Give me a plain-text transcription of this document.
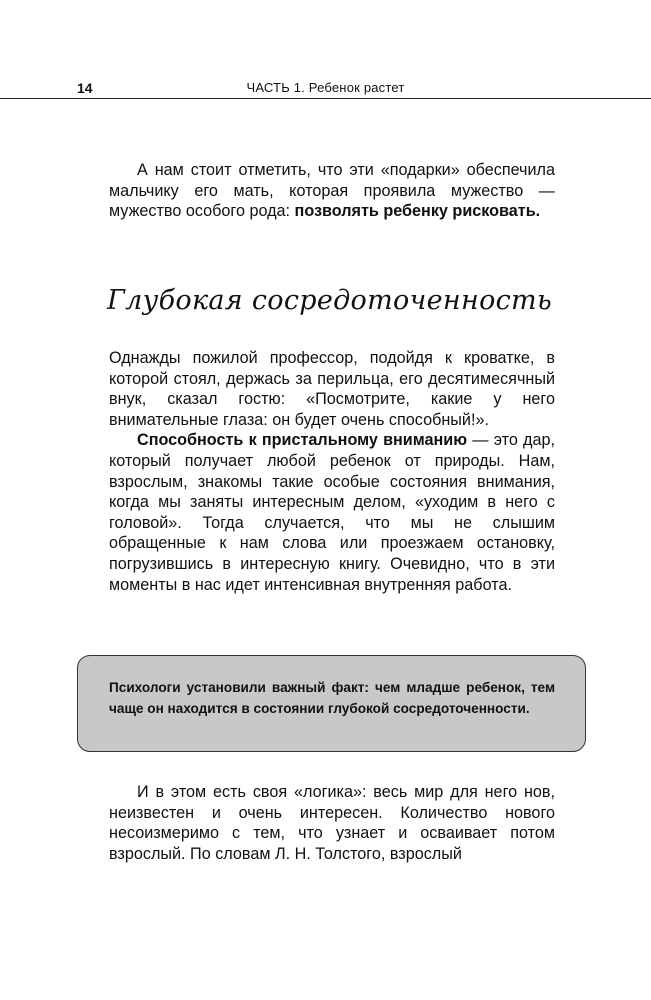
14	ЧАСТЬ 1. Ребенок растет

А нам стоит отметить, что эти «подарки» обеспечила мальчику его мать, которая проявила мужество — мужество особого рода: позволять ребенку рисковать.

Глубокая сосредоточенность

Однажды пожилой профессор, подойдя к кроватке, в которой стоял, держась за перильца, его десятимесячный внук, сказал гостю: «Посмотрите, какие у него внимательные глаза: он будет очень способный!».

Способность к пристальному вниманию — это дар, который получает любой ребенок от природы. Нам, взрослым, знакомы такие особые состояния внимания, когда мы заняты интересным делом, «уходим в него с головой». Тогда случается, что мы не слышим обращенные к нам слова или проезжаем остановку, погрузившись в интересную книгу. Очевидно, что в эти моменты в нас идет интенсивная внутренняя работа.

Психологи установили важный факт: чем младше ребенок, тем чаще он находится в состоянии глубокой сосредоточенности.

И в этом есть своя «логика»: весь мир для него нов, неизвестен и очень интересен. Количество нового несоизмеримо с тем, что узнает и осваивает потом взрослый. По словам Л. Н. Толстого, взрослый
